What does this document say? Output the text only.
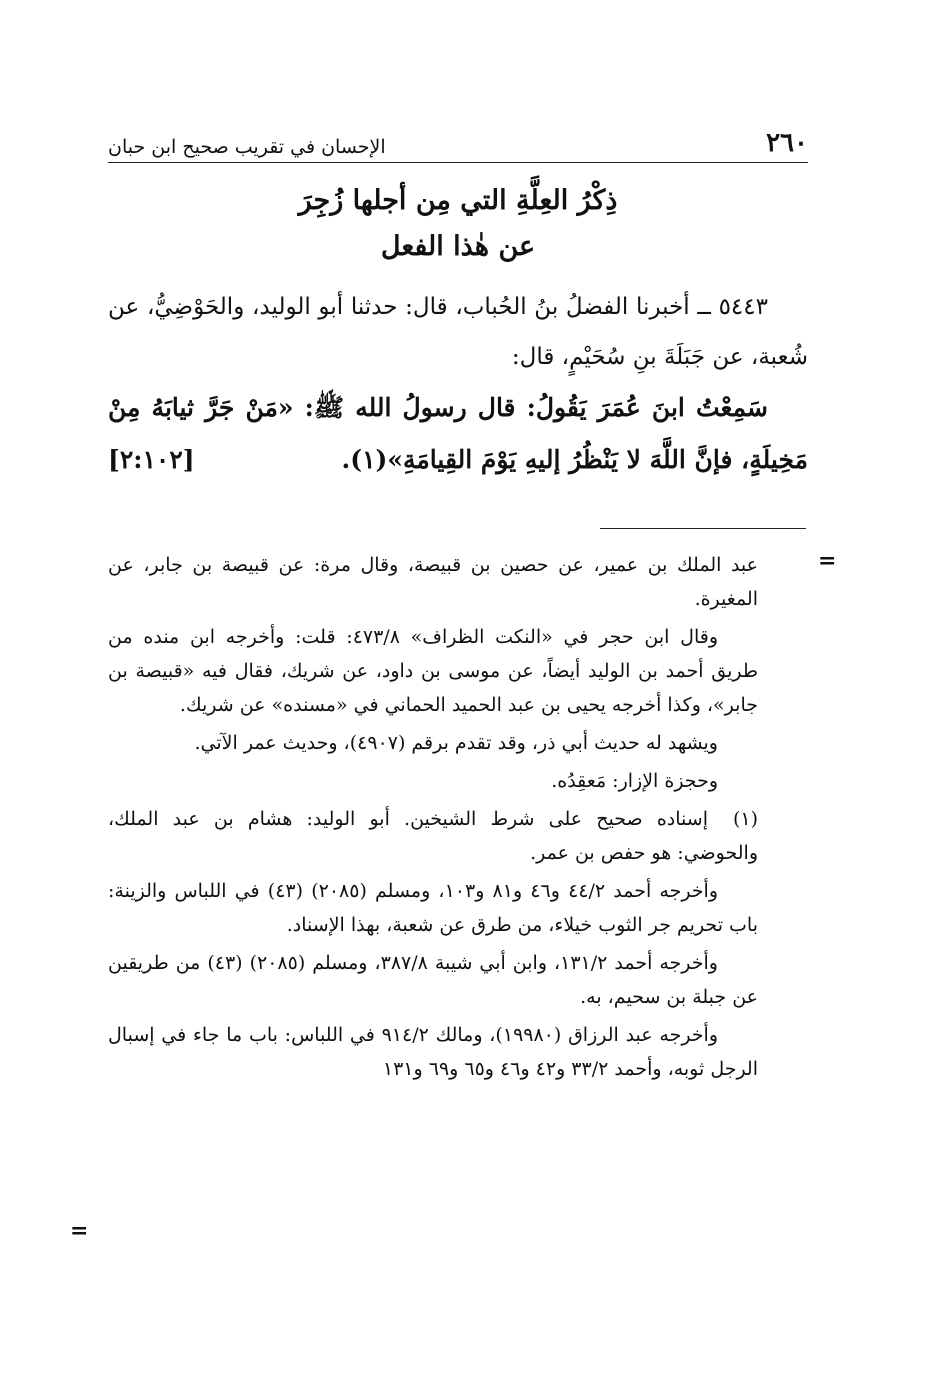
٢٦٠
الإحسان في تقريب صحيح ابن حبان
ذِكْرُ العِلَّةِ التي مِن أجلها زُجِرَ
عن هٰذا الفعل

٥٤٤٣ ــ أخبرنا الفضلُ بنُ الحُباب، قال: حدثنا أبو الوليد، والحَوْضِيُّ، عن شُعبة، عن جَبَلَةَ بنِ سُحَيْمٍ، قال:

سَمِعْتُ ابنَ عُمَرَ يَقُولُ: قال رسولُ الله ﷺ: «مَنْ جَرَّ ثيابَهُ مِنْ مَخِيلَةٍ، فإنَّ اللَّهَ لا يَنْظُرُ إليهِ يَوْمَ القِيامَةِ»(١).
[٢:١٠٢]

=

عبد الملك بن عمير، عن حصين بن قبيصة، وقال مرة: عن قبيصة بن جابر، عن المغيرة.

وقال ابن حجر في «النكت الظراف» ٤٧٣/٨: قلت: وأخرجه ابن منده من طريق أحمد بن الوليد أيضاً، عن موسى بن داود، عن شريك، فقال فيه «قبيصة بن جابر»، وكذا أخرجه يحيى بن عبد الحميد الحماني في «مسنده» عن شريك.

ويشهد له حديث أبي ذر، وقد تقدم برقم (٤٩٠٧)، وحديث عمر الآتي.

وحجزة الإزار: مَعقِدُه.

(١)إسناده صحيح على شرط الشيخين. أبو الوليد: هشام بن عبد الملك، والحوضي: هو حفص بن عمر.

وأخرجه أحمد ٤٤/٢ و٤٦ و٨١ و١٠٣، ومسلم (٢٠٨٥) (٤٣) في اللباس والزينة: باب تحريم جر الثوب خيلاء، من طرق عن شعبة، بهذا الإسناد.

وأخرجه أحمد ١٣١/٢، وابن أبي شيبة ٣٨٧/٨، ومسلم (٢٠٨٥) (٤٣) من طريقين عن جبلة بن سحيم، به.

وأخرجه عبد الرزاق (١٩٩٨٠)، ومالك ٩١٤/٢ في اللباس: باب ما جاء في إسبال الرجل ثوبه، وأحمد ٣٣/٢ و٤٢ و٤٦ و٦٥ و٦٩ و١٣١

=
